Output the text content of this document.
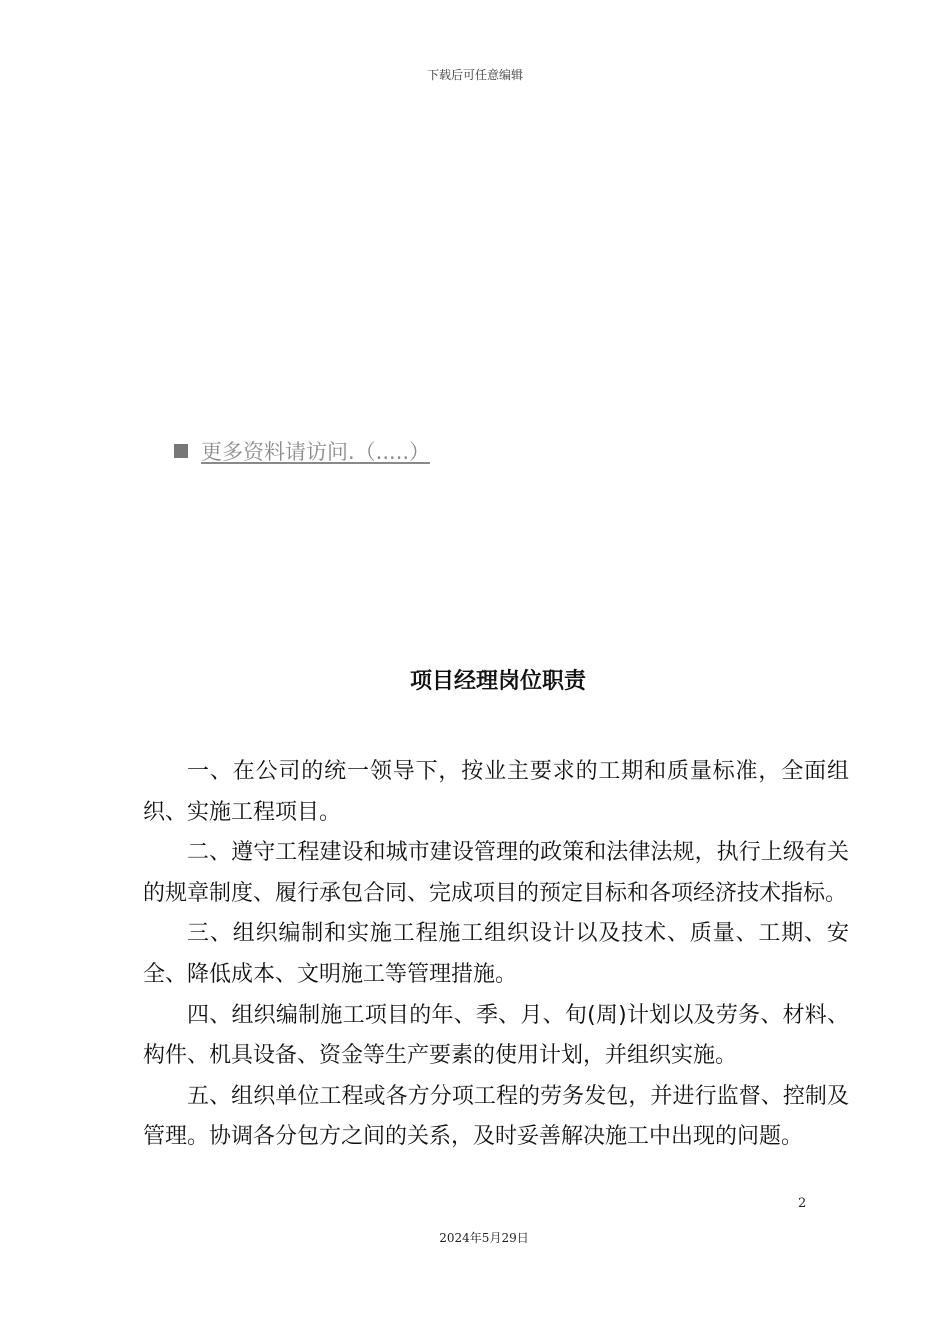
下载后可任意编辑
更多资料请访问.（.....）
项目经理岗位职责

一、在公司的统一领导下，按业主要求的工期和质量标准，全面组织、实施工程项目。

二、遵守工程建设和城市建设管理的政策和法律法规，执行上级有关的规章制度、履行承包合同、完成项目的预定目标和各项经济技术指标。

三、组织编制和实施工程施工组织设计以及技术、质量、工期、安全、降低成本、文明施工等管理措施。

四、组织编制施工项目的年、季、月、旬(周)计划以及劳务、材料、构件、机具设备、资金等生产要素的使用计划，并组织实施。

五、组织单位工程或各方分项工程的劳务发包，并进行监督、控制及管理。协调各分包方之间的关系，及时妥善解决施工中出现的问题。

2
2024年5月29日
